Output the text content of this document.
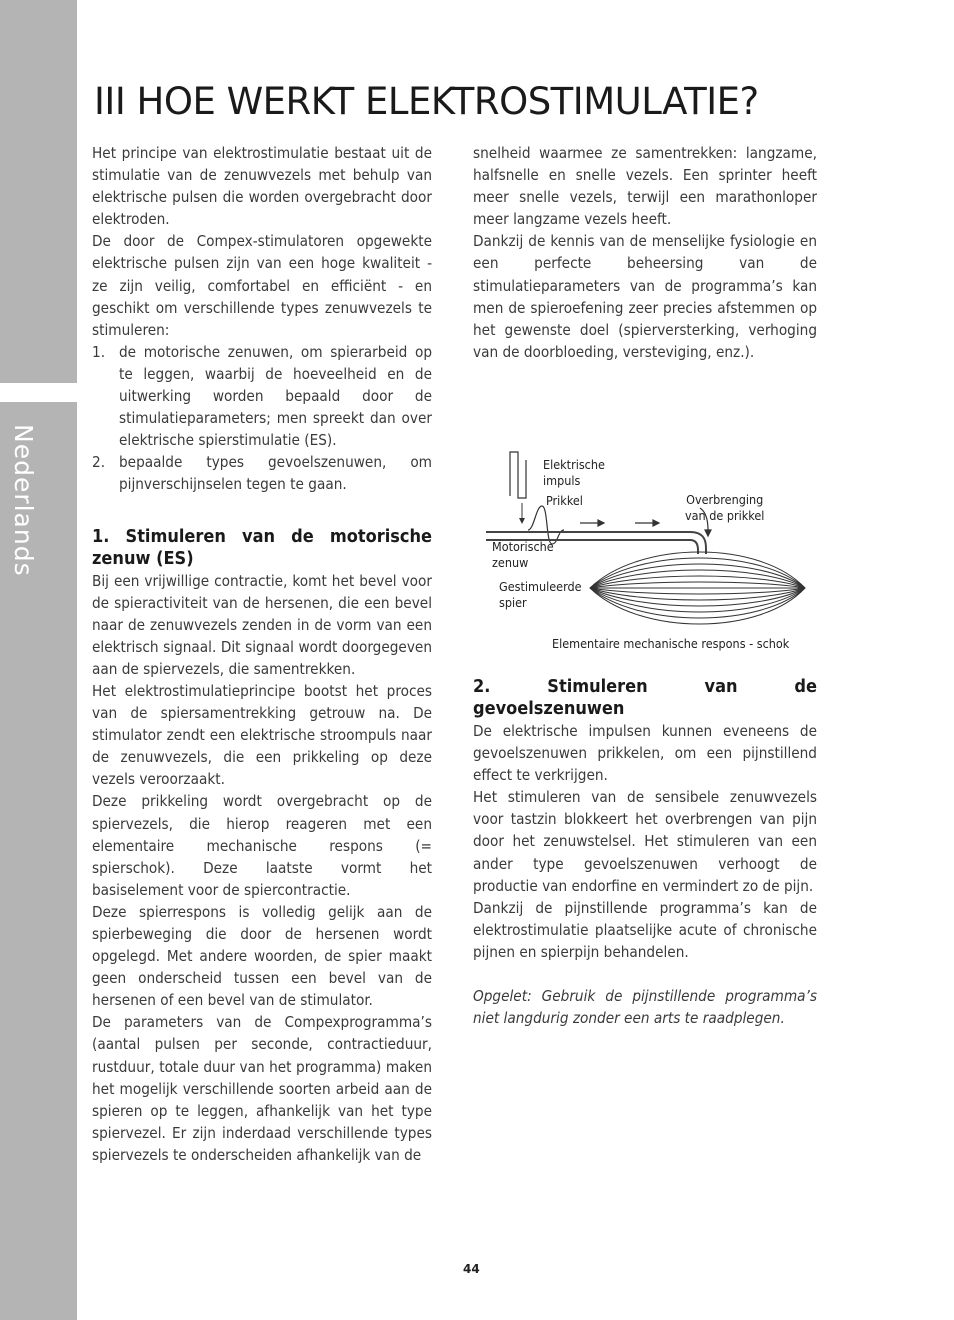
Nederlands
III HOE WERKT ELEKTROSTIMULATIE?

Het principe van elektrostimulatie bestaat uit de stimulatie van de zenuwvezels met behulp van elektrische pulsen die worden overgebracht door elektroden.

De door de Compex-stimulatoren opgewekte elektrische pulsen zijn van een hoge kwaliteit - ze zijn veilig, comfortabel en efficiënt - en geschikt om verschillende types zenuwvezels te stimuleren:

1. de motorische zenuwen, om spierarbeid op te leggen, waarbij de hoeveelheid en de uitwerking worden bepaald door de stimulatieparameters; men spreekt dan over elektrische spierstimulatie (ES).
2. bepaalde types gevoelszenuwen, om pijnverschijnselen tegen te gaan.
1. Stimuleren van de motorische zenuw (ES)

Bij een vrijwillige contractie, komt het bevel voor de spieractiviteit van de hersenen, die een bevel naar de zenuwvezels zenden in de vorm van een elektrisch signaal. Dit signaal wordt doorgegeven aan de spiervezels, die samentrekken.

Het elektrostimulatieprincipe bootst het proces van de spiersamentrekking getrouw na. De stimulator zendt een elektrische stroompuls naar de zenuwvezels, die een prikkeling op deze vezels veroorzaakt.

Deze prikkeling wordt overgebracht op de spiervezels, die hierop reageren met een elementaire mechanische respons (= spierschok). Deze laatste vormt het basiselement voor de spiercontractie.

Deze spierrespons is volledig gelijk aan de spierbeweging die door de hersenen wordt opgelegd. Met andere woorden, de spier maakt geen onderscheid tussen een bevel van de hersenen of een bevel van de stimulator.

De parameters van de Compexprogramma’s (aantal pulsen per seconde, contractieduur, rustduur, totale duur van het programma) maken het mogelijk verschillende soorten arbeid aan de spieren op te leggen, afhankelijk van het type spiervezel. Er zijn inderdaad verschillende types spiervezels te onderscheiden afhankelijk van de

snelheid waarmee ze samentrekken: langzame, halfsnelle en snelle vezels. Een sprinter heeft meer snelle vezels, terwijl een marathonloper meer langzame vezels heeft.

Dankzij de kennis van de menselijke fysiologie en een perfecte beheersing van de stimulatieparameters van de programma’s kan men de spieroefening zeer precies afstemmen op het gewenste doel (spierversterking, verhoging van de doorbloeding, versteviging, enz.).

2. Stimuleren van de gevoelszenuwen

De elektrische impulsen kunnen eveneens de gevoelszenuwen prikkelen, om een pijnstillend effect te verkrijgen.

Het stimuleren van de sensibele zenuwvezels voor tastzin blokkeert het overbrengen van pijn door het zenuwstelsel. Het stimuleren van een ander type gevoelszenuwen verhoogt de productie van endorfine en vermindert zo de pijn.

Dankzij de pijnstillende programma’s kan de elektrostimulatie plaatselijke acute of chronische pijnen en spierpijn behandelen.

Opgelet: Gebruik de pijnstillende programma’s niet langdurig zonder een arts te raadplegen.

Elektrische
impuls
Prikkel	Overbrenging
van de prikkel
Motorische
zenuw
Gestimuleerde
spier
Elementaire mechanische respons - schok
44
